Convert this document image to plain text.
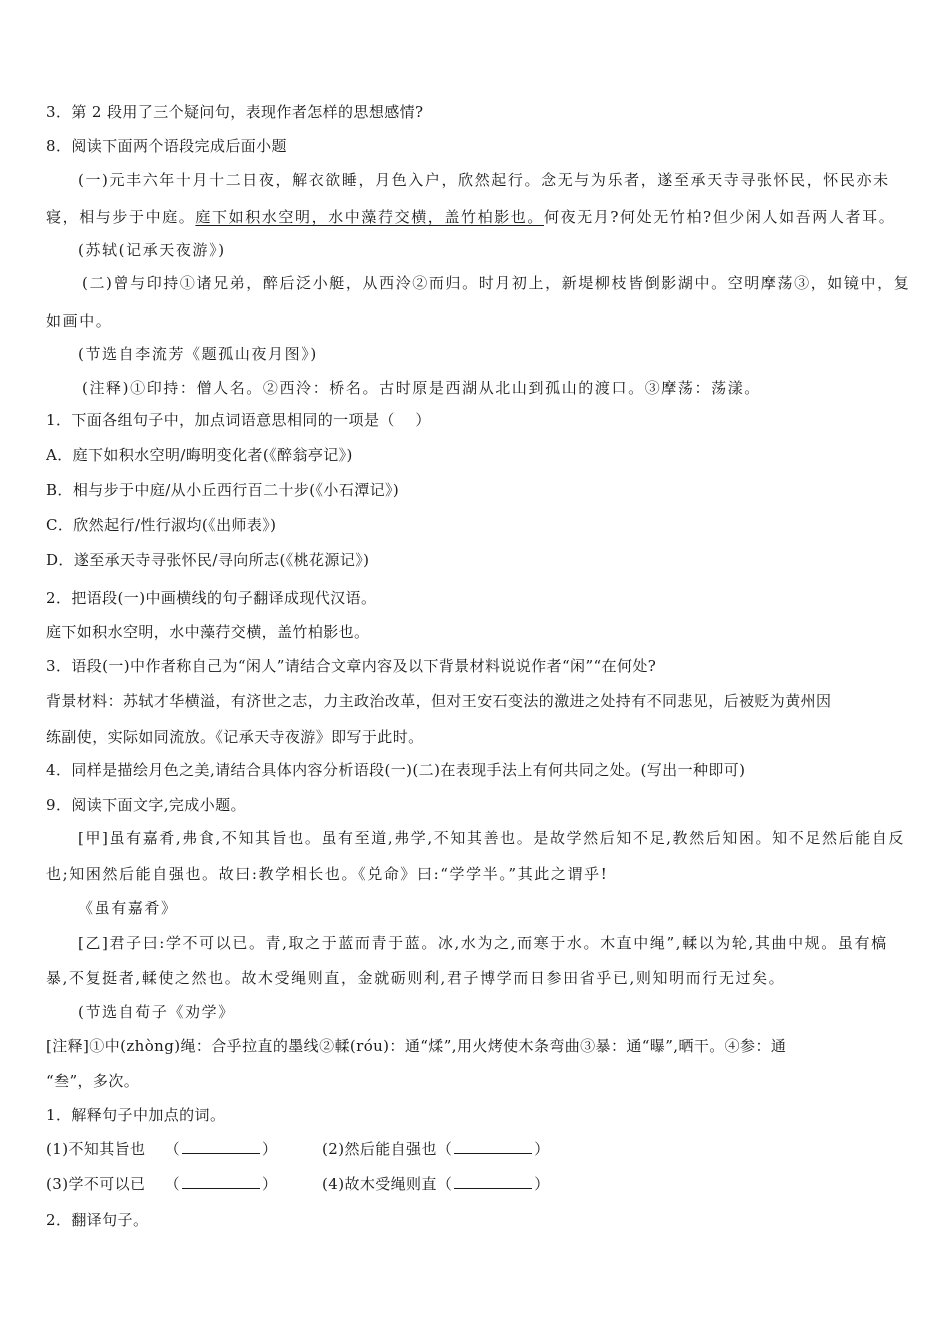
3．第 2 段用了三个疑问句，表现作者怎样的思想感情?
8．阅读下面两个语段完成后面小题
(一)元丰六年十月十二日夜，解衣欲睡，月色入户，欣然起行。念无与为乐者，遂至承天寺寻张怀民，怀民亦未
寝，相与步于中庭。庭下如积水空明，水中藻荇交横，盖竹柏影也。何夜无月?何处无竹柏?但少闲人如吾两人者耳。
(苏轼(记承天夜游》)
(二)曾与印持①诸兄弟，醉后泛小艇，从西泠②而归。时月初上，新堤柳枝皆倒影湖中。空明摩荡③，如镜中，复
如画中。
(节选自李流芳《题孤山夜月图》)
(注释)①印持：僧人名。②西泠：桥名。古时原是西湖从北山到孤山的渡口。③摩荡：荡漾。
1．下面各组句子中，加点词语意思相同的一项是（　 ）
A．庭下如积水空明/晦明变化者(《醉翁亭记》)
B．相与步于中庭/从小丘西行百二十步(《小石潭记》)
C．欣然起行/性行淑均(《出师表》)
D．遂至承天寺寻张怀民/寻向所志(《桃花源记》)
2．把语段(一)中画横线的句子翻译成现代汉语。
庭下如积水空明，水中藻荇交横，盖竹柏影也。
3．语段(一)中作者称自己为“闲人”请结合文章内容及以下背景材料说说作者“闲”“在何处?
背景材料：苏轼才华横溢，有济世之志，力主政治改革，但对王安石变法的激进之处持有不同悲见，后被贬为黄州因
练副使，实际如同流放。《记承天寺夜游》即写于此时。
4．同样是描绘月色之美,请结合具体内容分析语段(一)(二)在表现手法上有何共同之处。(写出一种即可)
9．阅读下面文字,完成小题。
[甲]虽有嘉肴,弗食,不知其旨也。虽有至道,弗学,不知其善也。是故学然后知不足,教然后知困。知不足然后能自反
也;知困然后能自强也。故曰:教学相长也。《兑命》曰:“学学半。”其此之谓乎!
《虽有嘉肴》
[乙]君子曰:学不可以已。青,取之于蓝而青于蓝。冰,水为之,而寒于水。木直中绳”,輮以为轮,其曲中规。虽有槁
暴,不复挺者,輮使之然也。故木受绳则直，金就砺则利,君子博学而日参田省乎已,则知明而行无过矣。
(节选自荀子《劝学》
[注释]①中(zhòng)绳：合乎拉直的墨线②輮(róu)：通“煣”,用火烤使木条弯曲③暴：通“曝”,晒干。④参：通
“叁”，多次。
1．解释句子中加点的词。
(1)不知其旨也 （	）	(2)然后能自强也（	）
(3)学不可以已 （	）	(4)故木受绳则直（	）
2．翻译句子。
